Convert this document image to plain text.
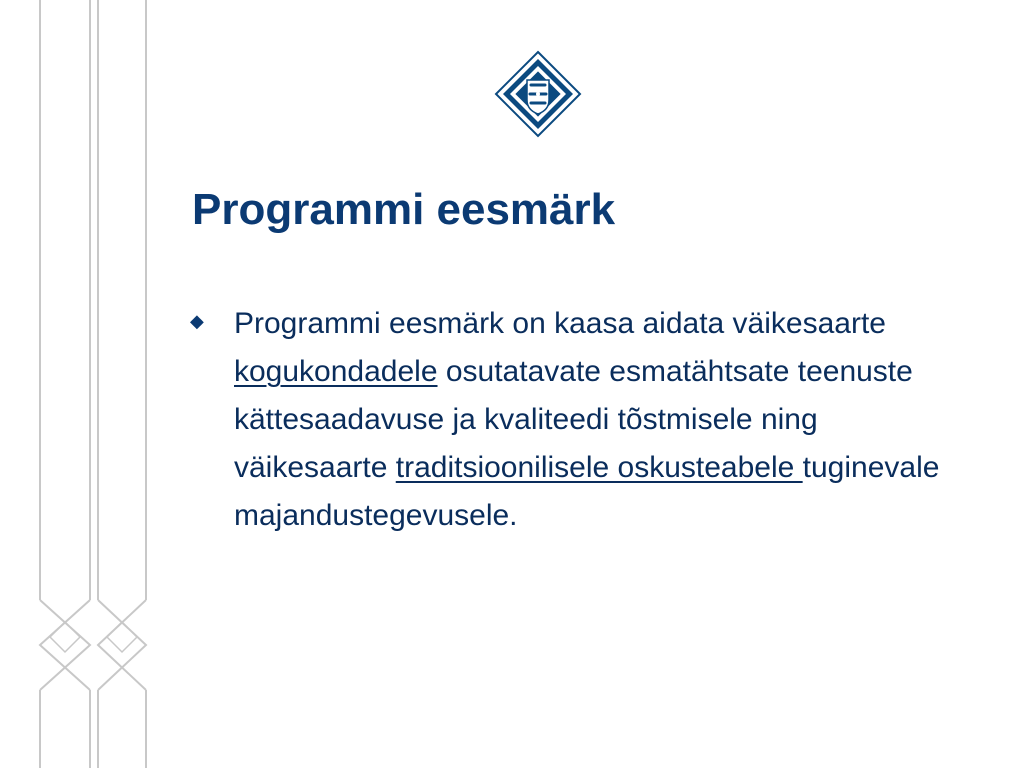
Programmi eesmärk
◆ Programmi eesmärk on kaasa aidata väikesaarte kogukondadele osutatavate esmatähtsate teenuste kättesaadavuse ja kvaliteedi tõstmisele ning väikesaarte traditsioonilisele oskusteabele tuginevale majandustegevusele.
